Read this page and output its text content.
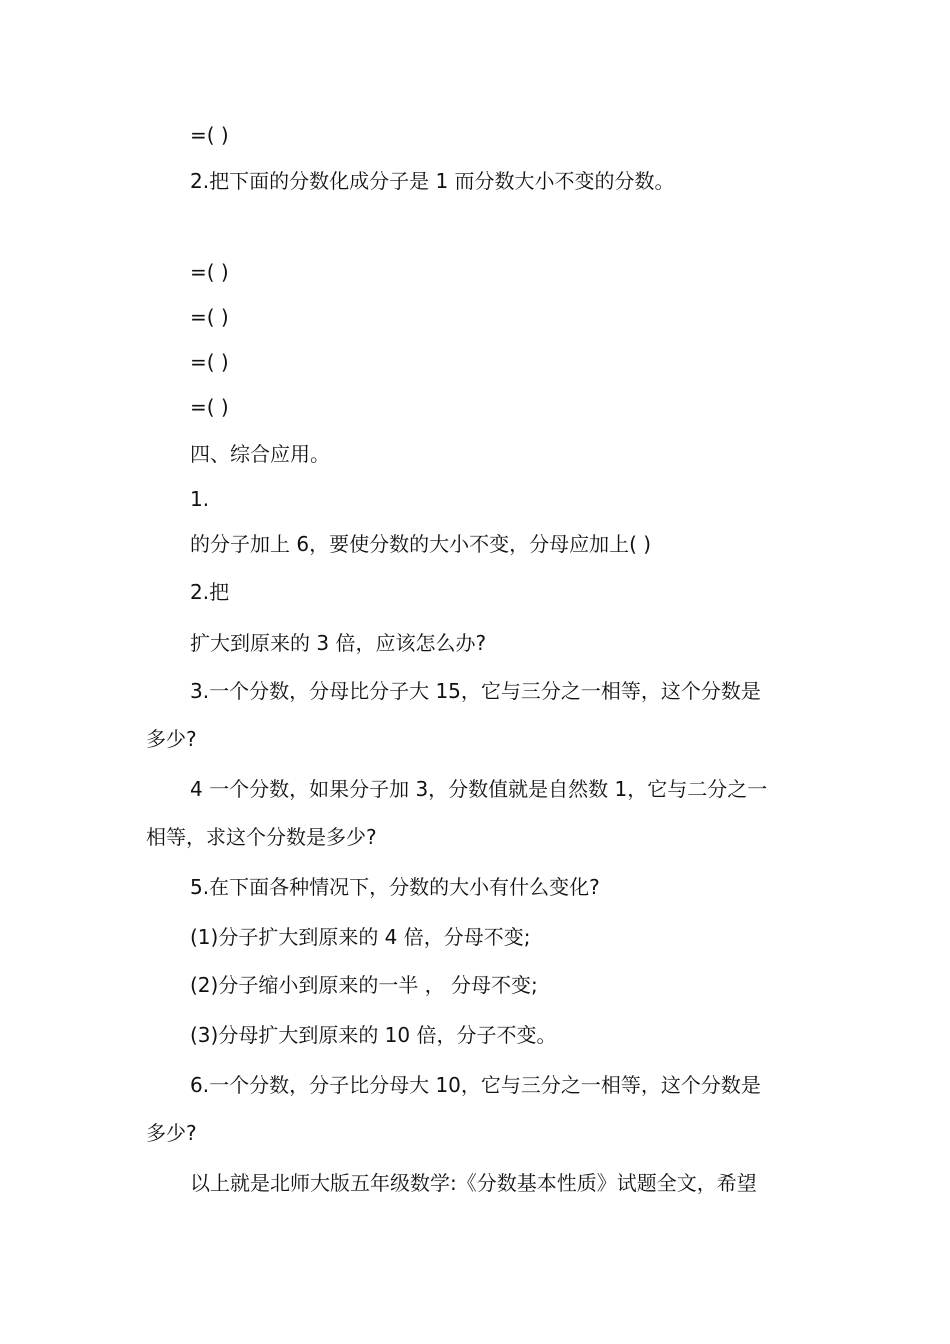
=( )
2.把下面的分数化成分子是 1 而分数大小不变的分数。
=( )
=( )
=( )
=( )
四、综合应用。
1.
的分子加上 6，要使分数的大小不变，分母应加上( )
2.把
扩大到原来的 3 倍，应该怎么办?
3.一个分数，分母比分子大 15，它与三分之一相等，这个分数是
多少?
4 一个分数，如果分子加 3，分数值就是自然数 1，它与二分之一
相等，求这个分数是多少?
5.在下面各种情况下，分数的大小有什么变化?
(1)分子扩大到原来的 4 倍，分母不变;
(2)分子缩小到原来的一半 ， 分母不变;
(3)分母扩大到原来的 10 倍，分子不变。
6.一个分数，分子比分母大 10，它与三分之一相等，这个分数是
多少?
以上就是北师大版五年级数学:《分数基本性质》试题全文，希望
